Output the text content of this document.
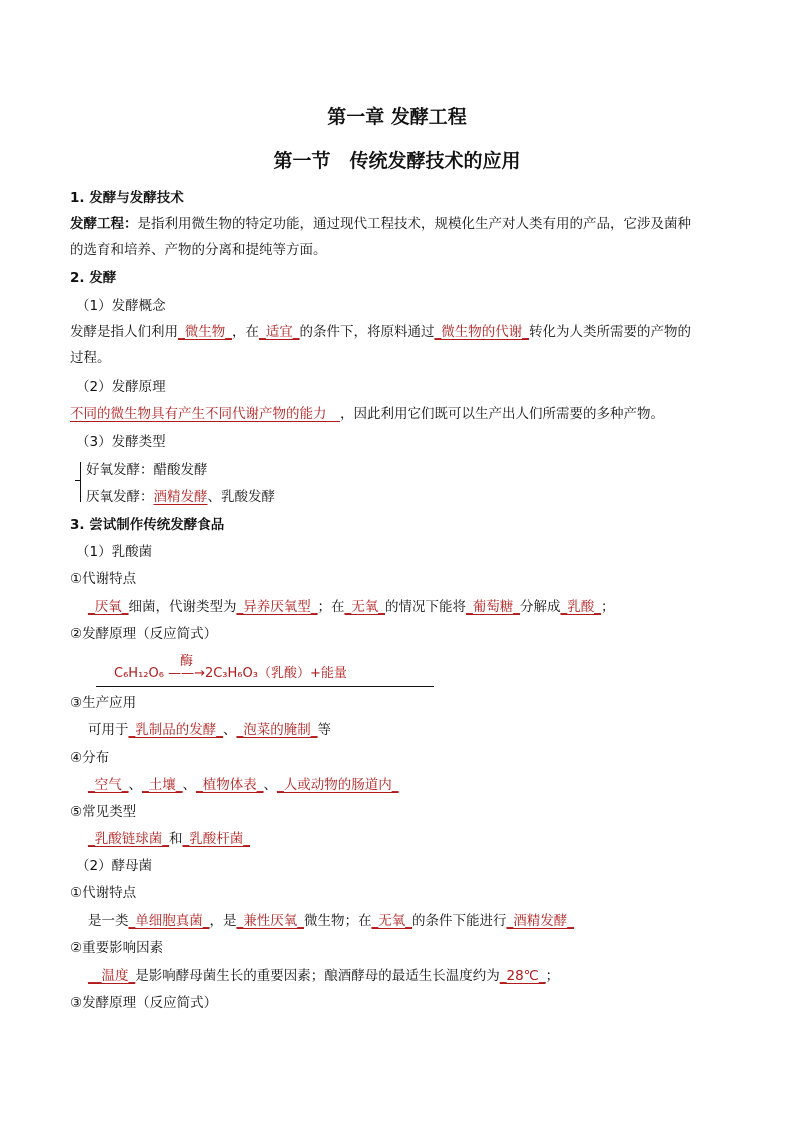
第一章 发酵工程
第一节　传统发酵技术的应用
1. 发酵与发酵技术
发酵工程：是指利用微生物的特定功能，通过现代工程技术，规模化生产对人类有用的产品，它涉及菌种
的选育和培养、产物的分离和提纯等方面。
2. 发酵
（1）发酵概念
发酵是指人们利用_微生物_，在_适宜_的条件下，将原料通过_微生物的代谢_转化为人类所需要的产物的
过程。
（2）发酵原理
不同的微生物具有产生不同代谢产物的能力　，因此利用它们既可以生产出人们所需要的多种产物。
（3）发酵类型
好氧发酵：醋酸发酵
厌氧发酵：酒精发酵、乳酸发酵
3. 尝试制作传统发酵食品
（1）乳酸菌
①代谢特点
_厌氧_细菌，代谢类型为_异养厌氧型_；在_无氧_的情况下能将_葡萄糖_分解成_乳酸_；
②发酵原理（反应简式）
酶
C₆H₁₂O₆ ——→2C₃H₆O₃（乳酸）+能量
③生产应用
可用于_乳制品的发酵_、_泡菜的腌制_等
④分布
_空气_、_土壤_、_植物体表_、_人或动物的肠道内_
⑤常见类型
_乳酸链球菌_和_乳酸杆菌_
（2）酵母菌
①代谢特点
是一类_单细胞真菌_，是_兼性厌氧_微生物；在_无氧_的条件下能进行_酒精发酵_
②重要影响因素
__温度_是影响酵母菌生长的重要因素；酿酒酵母的最适生长温度约为_28℃_；
③发酵原理（反应简式）
